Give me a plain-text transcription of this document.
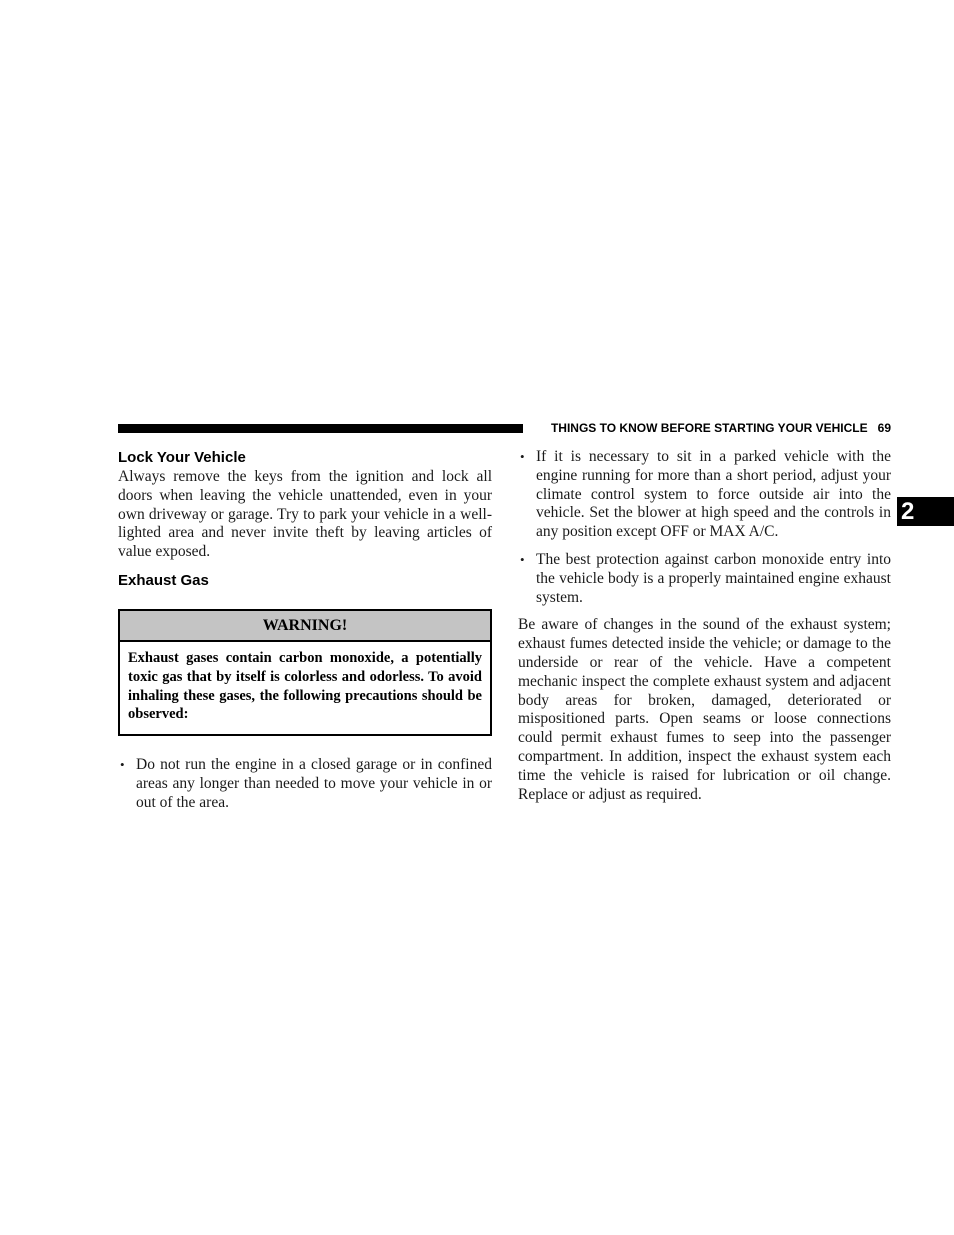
THINGS TO KNOW BEFORE STARTING YOUR VEHICLE 69
2
Lock Your Vehicle

Always remove the keys from the ignition and lock all doors when leaving the vehicle unattended, even in your own driveway or garage. Try to park your vehicle in a well-lighted area and never invite theft by leaving articles of value exposed.

Exhaust Gas
WARNING!
Exhaust gases contain carbon monoxide, a potentially toxic gas that by itself is colorless and odorless. To avoid inhaling these gases, the following precautions should be observed:
• Do not run the engine in a closed garage or in confined areas any longer than needed to move your vehicle in or out of the area.
• If it is necessary to sit in a parked vehicle with the engine running for more than a short period, adjust your climate control system to force outside air into the vehicle. Set the blower at high speed and the controls in any position except OFF or MAX A/C.
• The best protection against carbon monoxide entry into the vehicle body is a properly maintained engine exhaust system.

Be aware of changes in the sound of the exhaust system; exhaust fumes detected inside the vehicle; or damage to the underside or rear of the vehicle. Have a competent mechanic inspect the complete exhaust system and adjacent body areas for broken, damaged, deteriorated or mispositioned parts. Open seams or loose connections could permit exhaust fumes to seep into the passenger compartment. In addition, inspect the exhaust system each time the vehicle is raised for lubrication or oil change. Replace or adjust as required.
